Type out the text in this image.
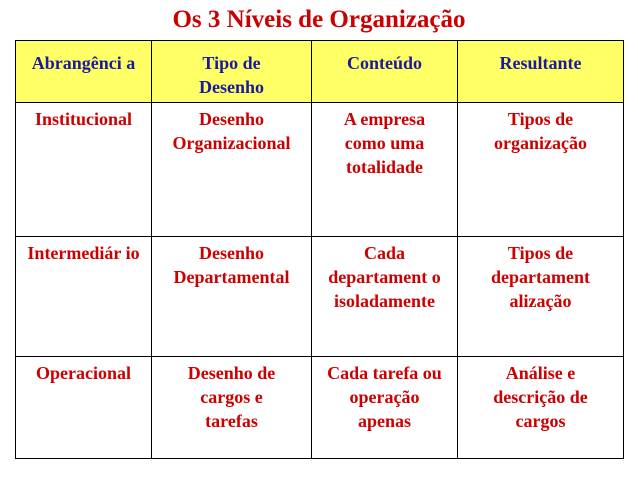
Os 3 Níveis de Organização
Abrangênci a	Tipo de Desenho	Conteúdo	Resultante
Institucional	Desenho Organizacional	A empresa como uma totalidade	Tipos de organização
Intermediár io	Desenho Departamental	Cada departament o isoladamente	Tipos de departament alização
Operacional	Desenho de cargos e tarefas	Cada tarefa ou operação apenas	Análise e descrição de cargos
